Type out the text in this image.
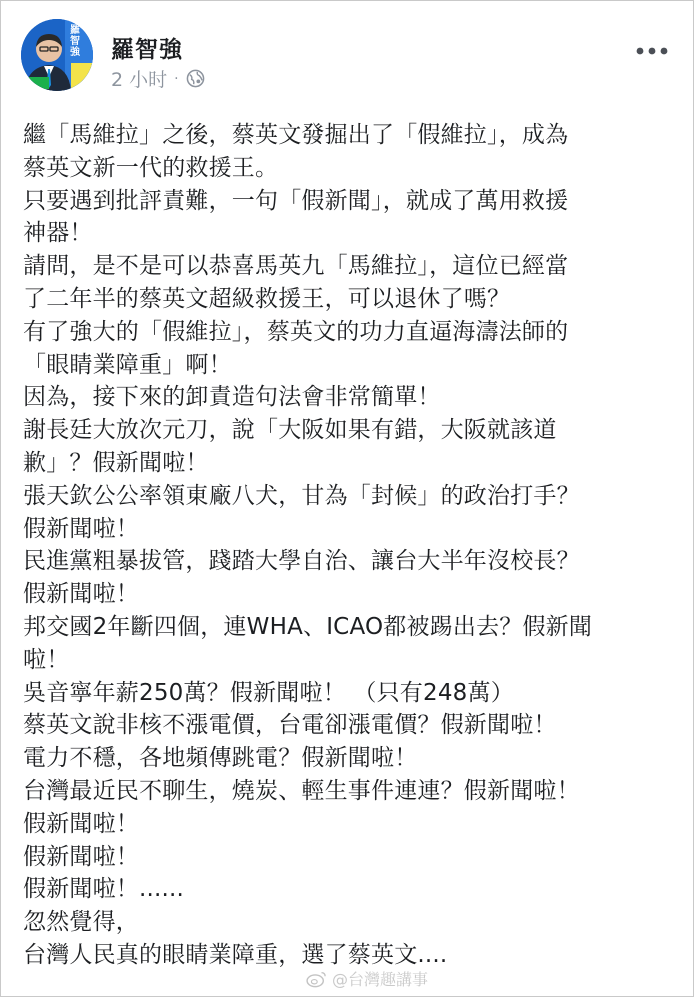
羅智強 羅智強
2 小时 ·
繼「馬維拉」之後，蔡英文發掘出了「假維拉」，成為
蔡英文新一代的救援王。
只要遇到批評責難，一句「假新聞」，就成了萬用救援
神器！
請問，是不是可以恭喜馬英九「馬維拉」，這位已經當
了二年半的蔡英文超級救援王，可以退休了嗎？
有了強大的「假維拉」，蔡英文的功力直逼海濤法師的
「眼睛業障重」啊！
因為，接下來的卸責造句法會非常簡單！
謝長廷大放次元刀，說「大阪如果有錯，大阪就該道
歉」？假新聞啦！
張天欽公公率領東廠八犬，甘為「封候」的政治打手？
假新聞啦！
民進黨粗暴拔管，踐踏大學自治、讓台大半年沒校長？
假新聞啦！
邦交國2年斷四個，連WHA、ICAO都被踢出去？假新聞
啦！
吳音寧年薪250萬？假新聞啦！ （只有248萬）
蔡英文說非核不漲電價，台電卻漲電價？假新聞啦！
電力不穩，各地頻傳跳電？假新聞啦！
台灣最近民不聊生，燒炭、輕生事件連連？假新聞啦！
假新聞啦！
假新聞啦！
假新聞啦！......
忽然覺得，
台灣人民真的眼睛業障重，選了蔡英文....
@台灣趣講事
